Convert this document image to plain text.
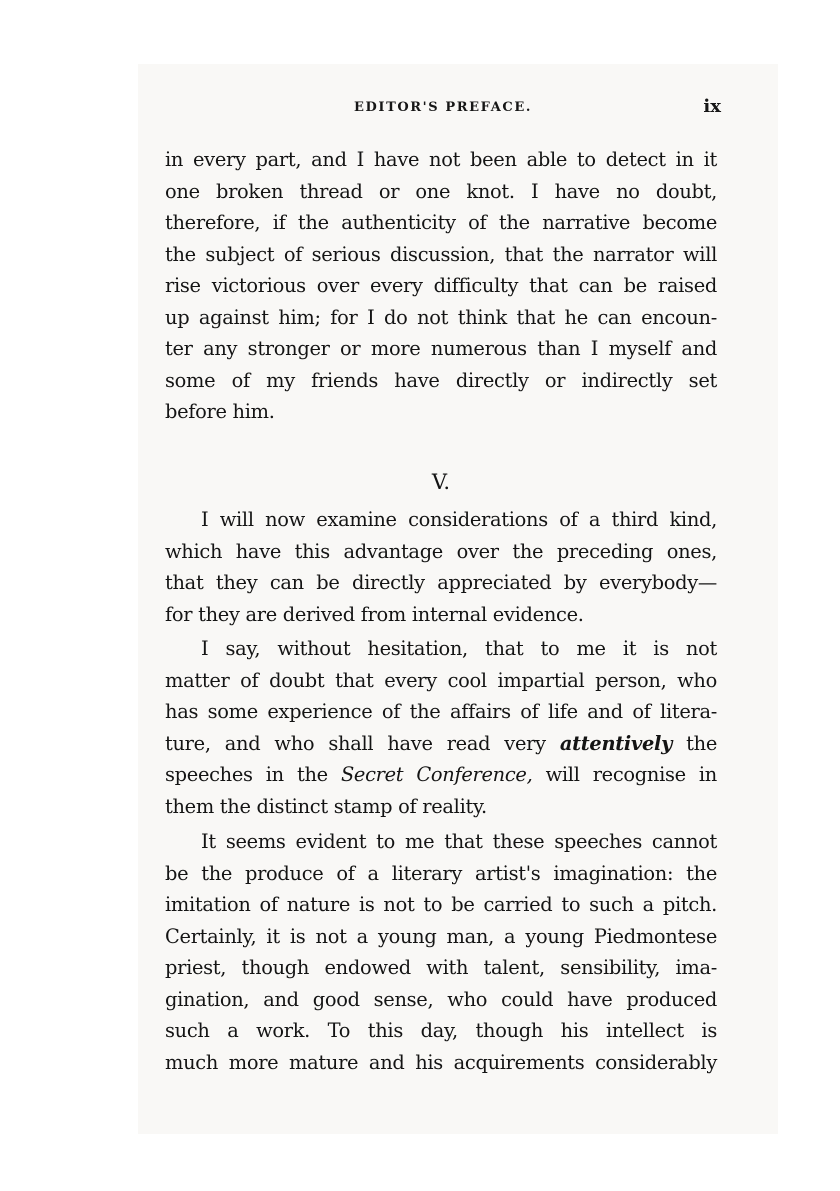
EDITOR'S PREFACE.	ix
in every part, and I have not been able to detect in it
one broken thread or one knot. I have no doubt,
therefore, if the authenticity of the narrative become
the subject of serious discussion, that the narrator will
rise victorious over every difficulty that can be raised
up against him; for I do not think that he can encoun-
ter any stronger or more numerous than I myself and
some of my friends have directly or indirectly set
before him.
V.
I will now examine considerations of a third kind,
which have this advantage over the preceding ones,
that they can be directly appreciated by everybody—
for they are derived from internal evidence.
I say, without hesitation, that to me it is not
matter of doubt that every cool impartial person, who
has some experience of the affairs of life and of litera-
ture, and who shall have read very attentively the
speeches in the Secret Conference, will recognise in
them the distinct stamp of reality.
It seems evident to me that these speeches cannot
be the produce of a literary artist's imagination: the
imitation of nature is not to be carried to such a pitch.
Certainly, it is not a young man, a young Piedmontese
priest, though endowed with talent, sensibility, ima-
gination, and good sense, who could have produced
such a work. To this day, though his intellect is
much more mature and his acquirements considerably
